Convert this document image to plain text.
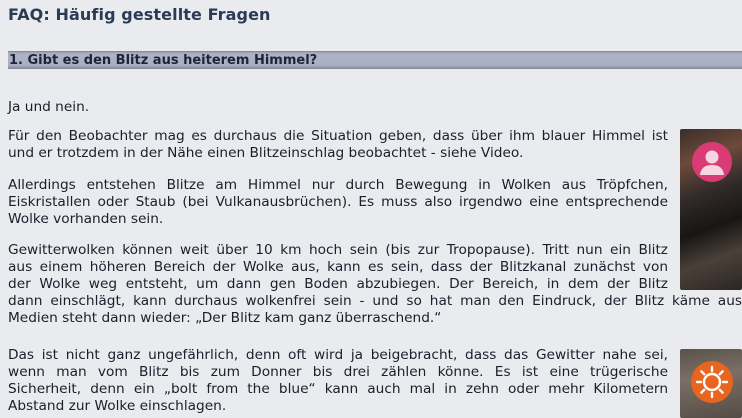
FAQ: Häufig gestellte Fragen
1. Gibt es den Blitz aus heiterem Himmel?
Ja und nein.
Für den Beobachter mag es durchaus die Situation geben, dass über ihm blauer Himmel ist
und er trotzdem in der Nähe einen Blitzeinschlag beobachtet - siehe Video.
Allerdings entstehen Blitze am Himmel nur durch Bewegung in Wolken aus Tröpfchen,
Eiskristallen oder Staub (bei Vulkanausbrüchen). Es muss also irgendwo eine entsprechende
Wolke vorhanden sein.
Gewitterwolken können weit über 10 km hoch sein (bis zur Tropopause). Tritt nun ein Blitz
aus einem höheren Bereich der Wolke aus, kann es sein, dass der Blitzkanal zunächst von
der Wolke weg entsteht, um dann gen Boden abzubiegen. Der Bereich, in dem der Blitz
dann einschlägt, kann durchaus wolkenfrei sein - und so hat man den Eindruck, der Blitz käme aus
Medien steht dann wieder: „Der Blitz kam ganz überraschend.“
Das ist nicht ganz ungefährlich, denn oft wird ja beigebracht, dass das Gewitter nahe sei,
wenn man vom Blitz bis zum Donner bis drei zählen könne. Es ist eine trügerische
Sicherheit, denn ein „bolt from the blue“ kann auch mal in zehn oder mehr Kilometern
Abstand zur Wolke einschlagen.
